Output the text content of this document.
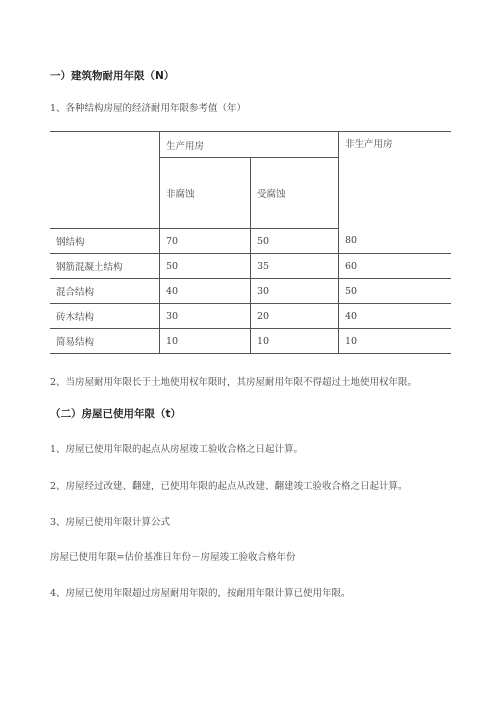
一）建筑物耐用年限（N）
1、各种结构房屋的经济耐用年限参考值（年）
	生产用房		非生产用房
	非腐蚀	受腐蚀	
钢结构	70	50	80
钢筋混凝土结构	50	35	60
混合结构	40	30	50
砖木结构	30	20	40
简易结构	10	10	10
2、当房屋耐用年限长于土地使用权年限时，其房屋耐用年限不得超过土地使用权年限。
（二）房屋已使用年限（t）
1、房屋已使用年限的起点从房屋竣工验收合格之日起计算。
2、房屋经过改建、翻建，已使用年限的起点从改建、翻建竣工验收合格之日起计算。
3、房屋已使用年限计算公式
房屋已使用年限=估价基准日年份－房屋竣工验收合格年份
4、房屋已使用年限超过房屋耐用年限的，按耐用年限计算已使用年限。
